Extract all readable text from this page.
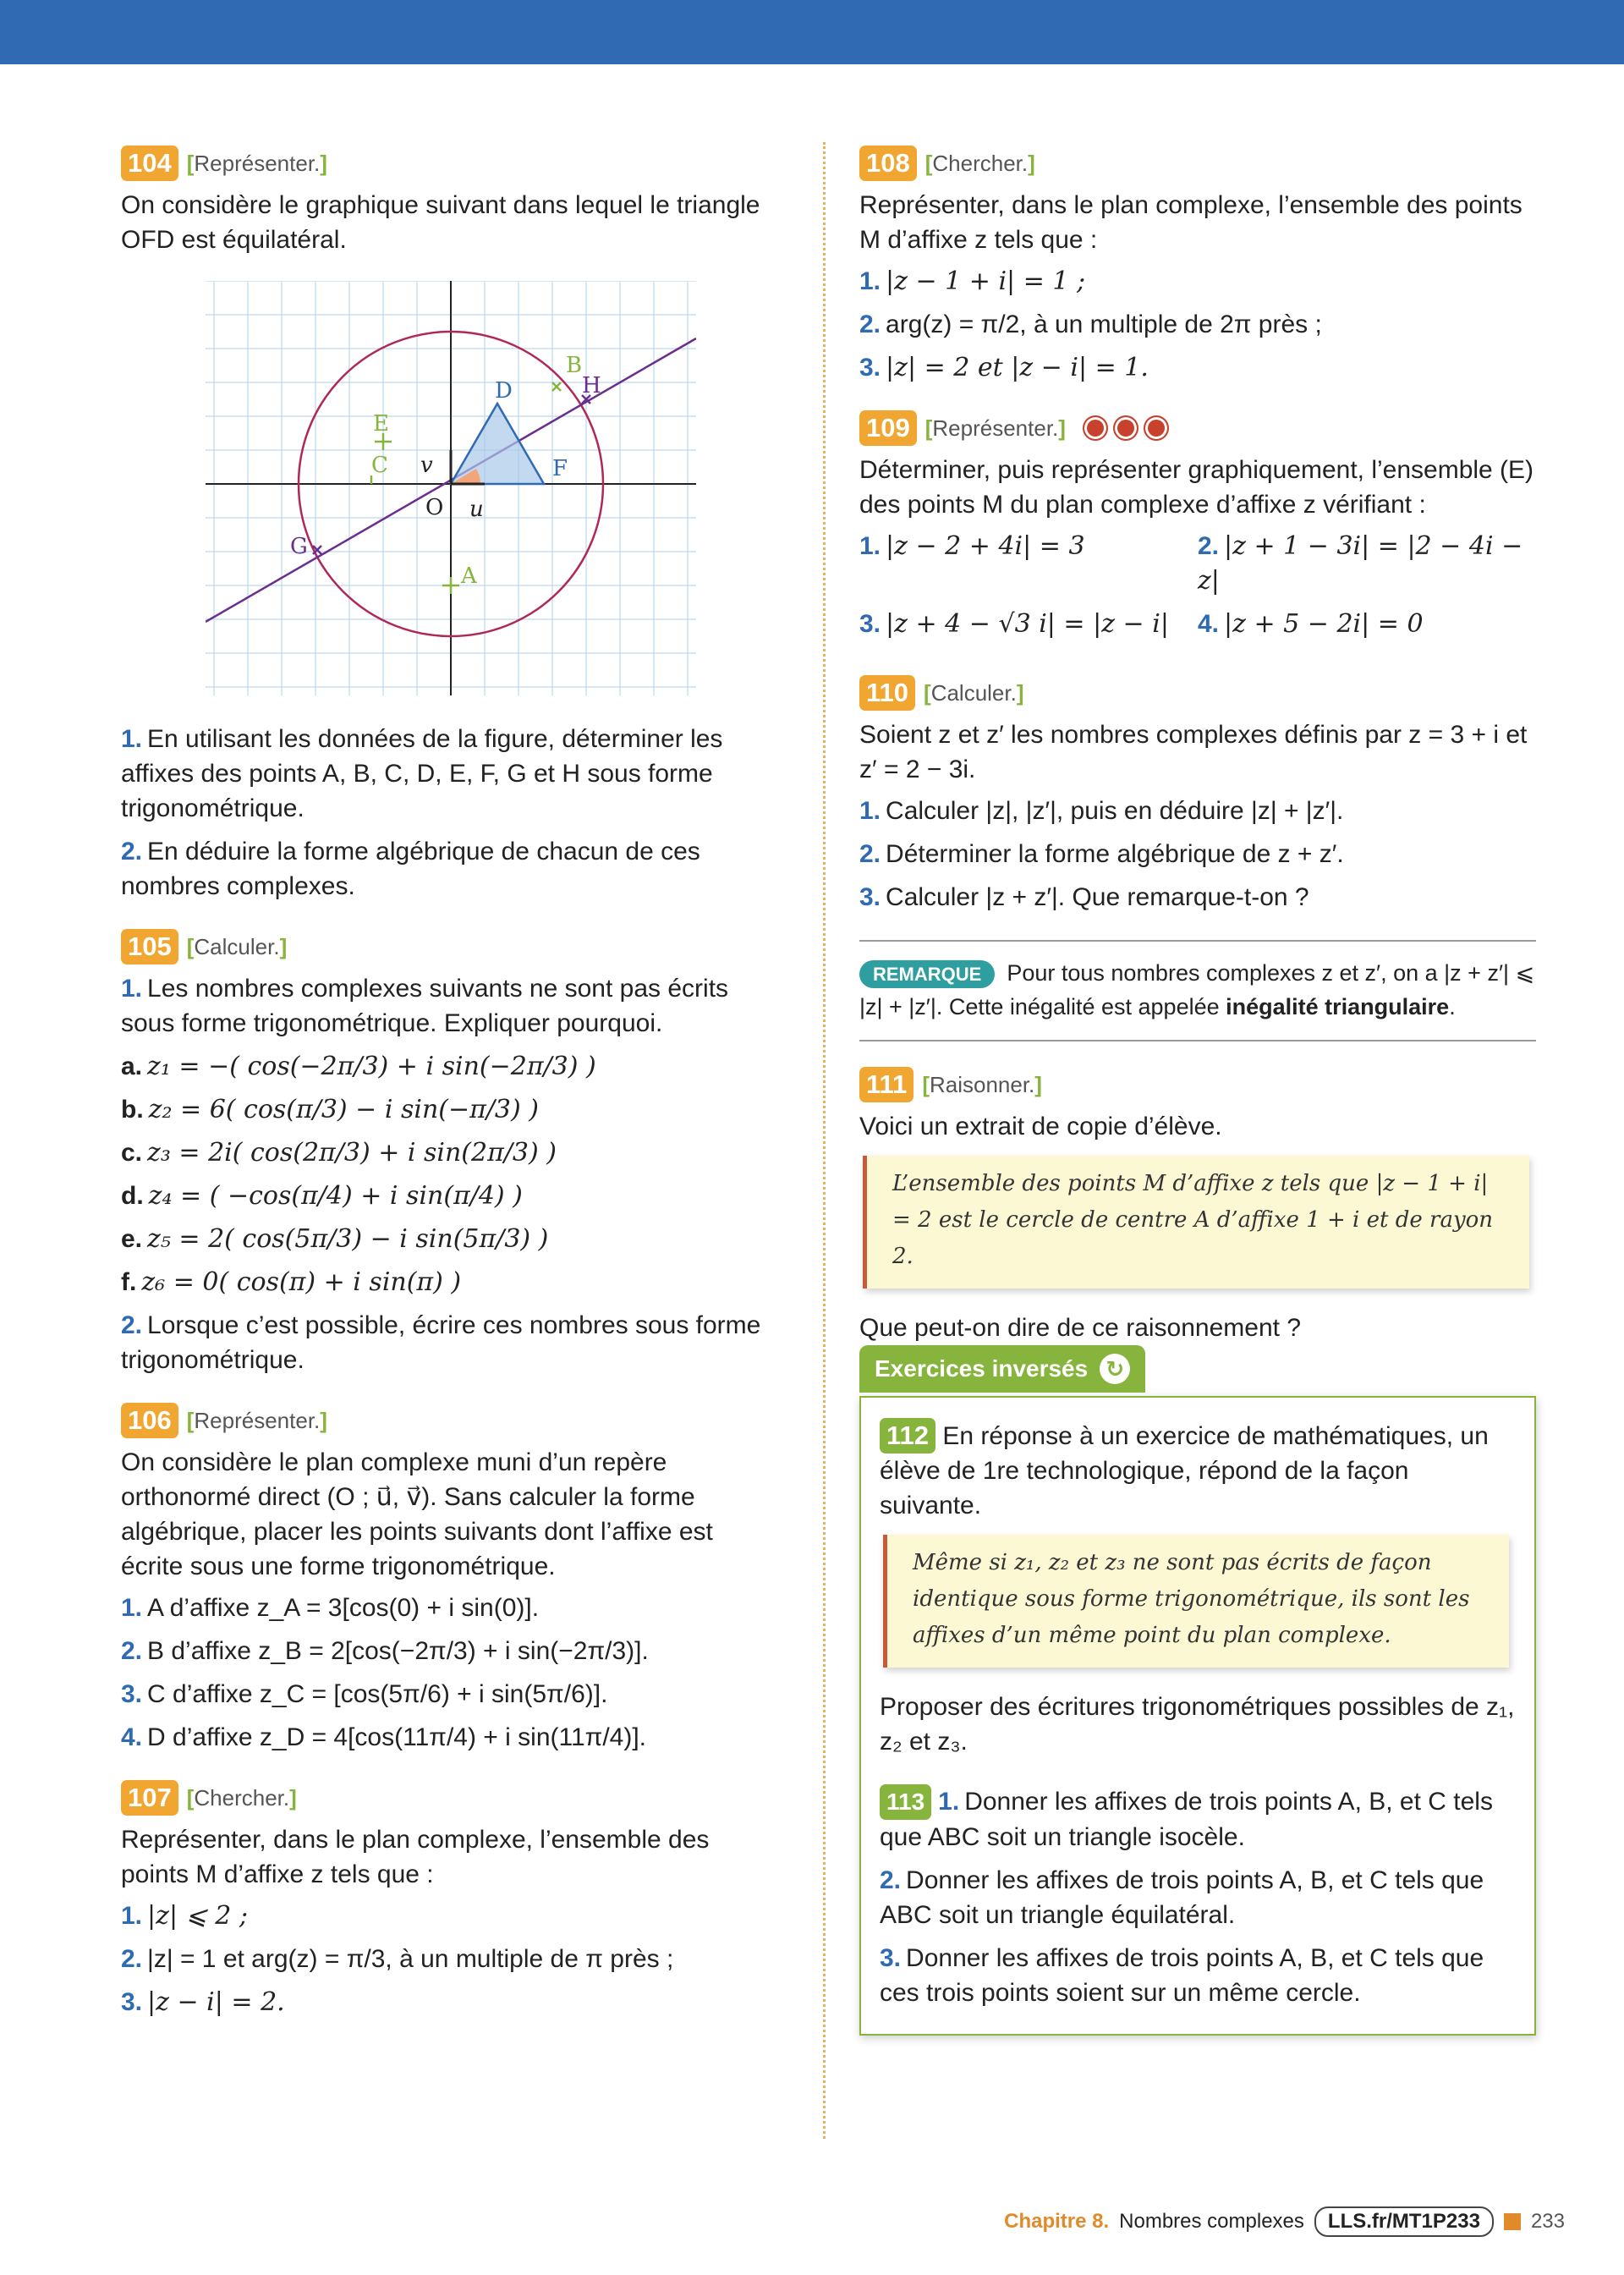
104 [Représenter.]

On considère le graphique suivant dans lequel le triangle OFD est équilatéral.

D
B
H
E
C	F
O
G
A
v
u
1. En utilisant les données de la figure, déterminer les affixes des points A, B, C, D, E, F, G et H sous forme trigonométrique.
2. En déduire la forme algébrique de chacun de ces nombres complexes.
105 [Calculer.]
1. Les nombres complexes suivants ne sont pas écrits sous forme trigonométrique. Expliquer pourquoi.
a. z₁ = −( cos(−2π/3) + i sin(−2π/3) )
b. z₂ = 6( cos(π/3) − i sin(−π/3) )
c. z₃ = 2i( cos(2π/3) + i sin(2π/3) )
d. z₄ = ( −cos(π/4) + i sin(π/4) )
e. z₅ = 2( cos(5π/3) − i sin(5π/3) )
f. z₆ = 0( cos(π) + i sin(π) )
2. Lorsque c’est possible, écrire ces nombres sous forme trigonométrique.
106 [Représenter.]

On considère le plan complexe muni d’un repère orthonormé direct (O ; u⃗, v⃗). Sans calculer la forme algébrique, placer les points suivants dont l’affixe est écrite sous une forme trigonométrique.

1. A d’affixe z_A = 3[cos(0) + i sin(0)].
2. B d’affixe z_B = 2[cos(−2π/3) + i sin(−2π/3)].
3. C d’affixe z_C = [cos(5π/6) + i sin(5π/6)].
4. D d’affixe z_D = 4[cos(11π/4) + i sin(11π/4)].
107 [Chercher.]

Représenter, dans le plan complexe, l’ensemble des points M d’affixe z tels que :

1. |z| ⩽ 2 ;
2. |z| = 1 et arg(z) = π/3, à un multiple de π près ;
3. |z − i| = 2.
108 [Chercher.]

Représenter, dans le plan complexe, l’ensemble des points M d’affixe z tels que :

1. |z − 1 + i| = 1 ;
2. arg(z) = π/2, à un multiple de 2π près ;
3. |z| = 2 et |z − i| = 1.
109 [Représenter.]

Déterminer, puis représenter graphiquement, l’ensemble (E) des points M du plan complexe d’affixe z vérifiant :

1. |z − 2 + 4i| = 3	2. |z + 1 − 3i| = |2 − 4i − z|
3. |z + 4 − √3 i| = |z − i|	4. |z + 5 − 2i| = 0
110 [Calculer.]

Soient z et z′ les nombres complexes définis par z = 3 + i et z′ = 2 − 3i.

1. Calculer |z|, |z′|, puis en déduire |z| + |z′|.
2. Déterminer la forme algébrique de z + z′.
3. Calculer |z + z′|. Que remarque-t-on ?
REMARQUE Pour tous nombres complexes z et z′, on a |z + z′| ⩽ |z| + |z′|. Cette inégalité est appelée inégalité triangulaire.
111 [Raisonner.]

Voici un extrait de copie d’élève.

L’ensemble des points M d’affixe z tels que |z − 1 + i| = 2 est le cercle de centre A d’affixe 1 + i et de rayon 2.

Que peut-on dire de ce raisonnement ?

Exercices inversés ↻

112 En réponse à un exercice de mathématiques, un élève de 1re technologique, répond de la façon suivante.

Même si z₁, z₂ et z₃ ne sont pas écrits de façon identique sous forme trigonométrique, ils sont les affixes d’un même point du plan complexe.

Proposer des écritures trigonométriques possibles de z₁, z₂ et z₃.

113 1. Donner les affixes de trois points A, B, et C tels que ABC soit un triangle isocèle.
2. Donner les affixes de trois points A, B, et C tels que ABC soit un triangle équilatéral.
3. Donner les affixes de trois points A, B, et C tels que ces trois points soient sur un même cercle.
Chapitre 8. Nombres complexes	LLS.fr/MT1P233	233
